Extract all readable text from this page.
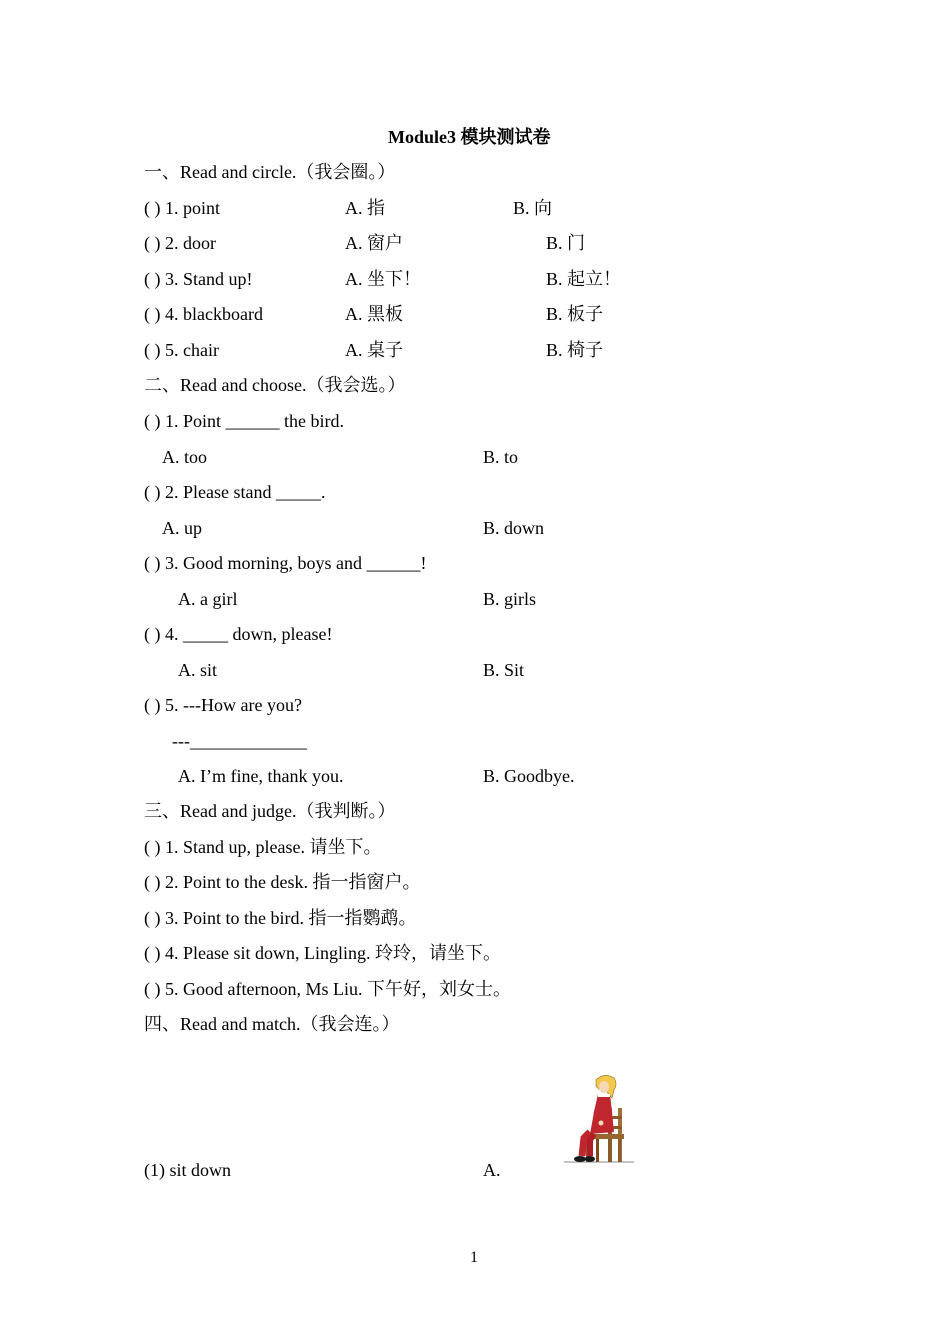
Module3 模块测试卷
一、Read and circle.（我会圈。）
( ) 1. point	A. 指	B. 向
( ) 2. door	A. 窗户	B. 门
( ) 3. Stand up!	A. 坐下！	B. 起立！
( ) 4. blackboard	A. 黑板	B. 板子
( ) 5. chair	A. 桌子	B. 椅子
二、Read and choose.（我会选。）
( ) 1. Point ______ the bird.
A. too	B. to
( ) 2. Please stand _____.
A. up	B. down
( ) 3. Good morning, boys and ______!
A. a girl	B. girls
( ) 4. _____ down, please!
A. sit	B. Sit
( ) 5. ---How are you?
---_____________
A. I’m fine, thank you.	B. Goodbye.
三、Read and judge.（我判断。）
( ) 1. Stand up, please. 请坐下。
( ) 2. Point to the desk. 指一指窗户。
( ) 3. Point to the bird. 指一指鹦鹉。
( ) 4. Please sit down, Lingling. 玲玲，请坐下。
( ) 5. Good afternoon, Ms Liu. 下午好，刘女士。
四、Read and match.（我会连。）
(1) sit down	A.
1
